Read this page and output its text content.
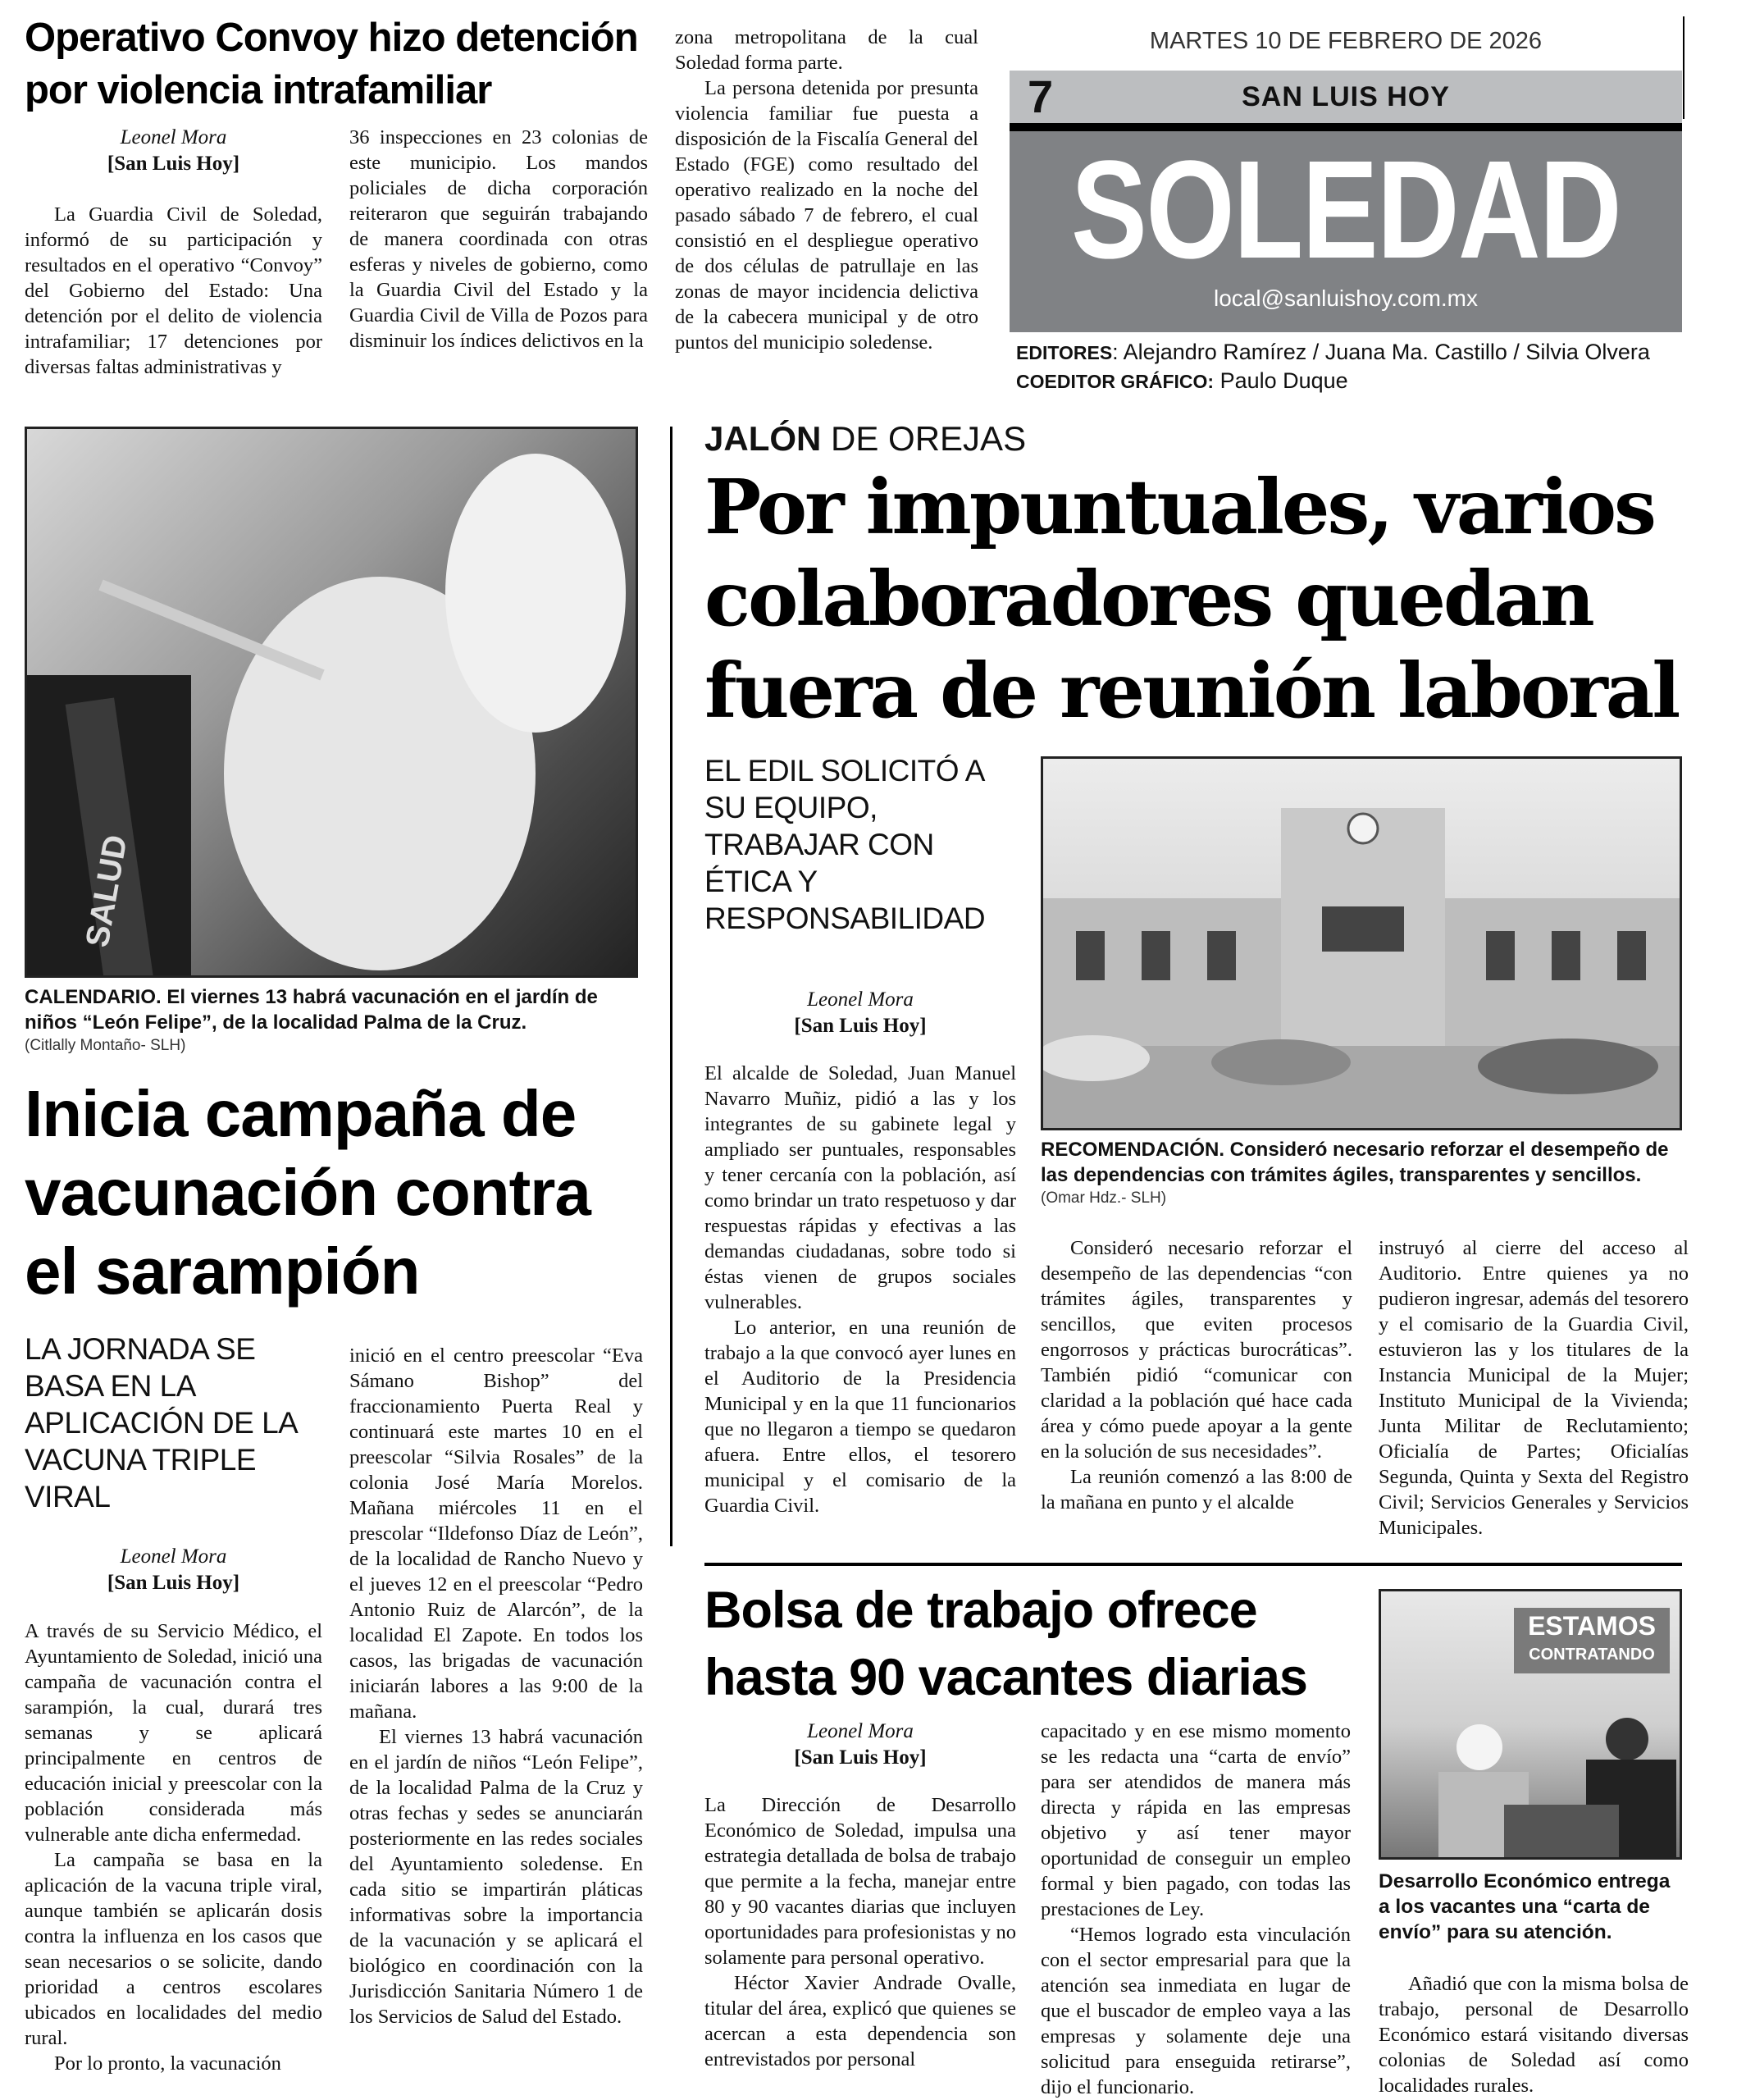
Operativo Convoy hizo detención por violencia intrafamiliar
Leonel Mora
[San Luis Hoy]

La Guardia Civil de Soledad, informó de su participación y resultados en el operativo “Convoy” del Gobierno del Estado: Una detención por el delito de violencia intrafamiliar; 17 detenciones por diversas faltas administrativas y

36 inspecciones en 23 colonias de este municipio. Los mandos policiales de dicha corporación reiteraron que seguirán trabajando de manera coordinada con otras esferas y niveles de gobierno, como la Guardia Civil del Estado y la Guardia Civil de Villa de Pozos para disminuir los índices delictivos en la

zona metropolitana de la cual Soledad forma parte.

La persona detenida por presunta violencia familiar fue puesta a disposición de la Fiscalía General del Estado (FGE) como resultado del operativo realizado en la noche del pasado sábado 7 de febrero, el cual consistió en el despliegue operativo de dos células de patrullaje en las zonas de mayor incidencia delictiva de la cabecera municipal y de otro puntos del municipio soledense.

MARTES 10 DE FEBRERO DE 2026
7	SAN LUIS HOY
SOLEDAD
local@sanluishoy.com.mx
EDITORES: Alejandro Ramírez / Juana Ma. Castillo / Silvia Olvera
COEDITOR GRÁFICO: Paulo Duque
SALUD
CALENDARIO. El viernes 13 habrá vacunación en el jardín de niños “León Felipe”, de la localidad Palma de la Cruz.
(Citlally Montaño- SLH)
Inicia campaña de vacunación contra el sarampión
LA JORNADA SE BASA EN LA APLICACIÓN DE LA VACUNA TRIPLE VIRAL
Leonel Mora
[San Luis Hoy]

A través de su Servicio Médico, el Ayuntamiento de Soledad, inició una campaña de vacunación contra el sarampión, la cual, durará tres semanas y se aplicará principalmente en centros de educación inicial y preescolar con la población considerada más vulnerable ante dicha enfermedad.

La campaña se basa en la aplicación de la vacuna triple viral, aunque también se aplicarán dosis contra la influenza en los casos que sean necesarios o se solicite, dando prioridad a centros escolares ubicados en localidades del medio rural.

Por lo pronto, la vacunación

inició en el centro preescolar “Eva Sámano Bishop” del fraccionamiento Puerta Real y continuará este martes 10 en el preescolar “Silvia Rosales” de la colonia José María Morelos. Mañana miércoles 11 en el prescolar “Ildefonso Díaz de León”, de la localidad de Rancho Nuevo y el jueves 12 en el preescolar “Pedro Antonio Ruiz de Alarcón”, de la localidad El Zapote. En todos los casos, las brigadas de vacunación iniciarán labores a las 9:00 de la mañana.

El viernes 13 habrá vacunación en el jardín de niños “León Felipe”, de la localidad Palma de la Cruz y otras fechas y sedes se anunciarán posteriormente en las redes sociales del Ayuntamiento soledense. En cada sitio se impartirán pláticas informativas sobre la importancia de la vacunación y se aplicará el biológico en coordinación con la Jurisdicción Sanitaria Número 1 de los Servicios de Salud del Estado.

JALÓN DE OREJAS
Por impuntuales, varios colaboradores quedan fuera de reunión laboral
EL EDIL SOLICITÓ A SU EQUIPO, TRABAJAR CON ÉTICA Y RESPONSABILIDAD
Leonel Mora
[San Luis Hoy]

El alcalde de Soledad, Juan Manuel Navarro Muñiz, pidió a las y los integrantes de su gabinete legal y ampliado ser puntuales, responsables y tener cercanía con la población, así como brindar un trato respetuoso y dar respuestas rápidas y efectivas a las demandas ciudadanas, sobre todo si éstas vienen de grupos sociales vulnerables.

Lo anterior, en una reunión de trabajo a la que convocó ayer lunes en el Auditorio de la Presidencia Municipal y en la que 11 funcionarios que no llegaron a tiempo se quedaron afuera. Entre ellos, el tesorero municipal y el comisario de la Guardia Civil.

RECOMENDACIÓN. Consideró necesario reforzar el desempeño de las dependencias con trámites ágiles, transparentes y sencillos.
(Omar Hdz.- SLH)

Consideró necesario reforzar el desempeño de las dependencias “con trámites ágiles, transparentes y sencillos, que eviten procesos engorrosos y prácticas burocráticas”. También pidió “comunicar con claridad a la población qué hace cada área y cómo puede apoyar a la gente en la solución de sus necesidades”.

La reunión comenzó a las 8:00 de la mañana en punto y el alcalde

instruyó al cierre del acceso al Auditorio. Entre quienes ya no pudieron ingresar, además del tesorero y el comisario de la Guardia Civil, estuvieron las y los titulares de la Instancia Municipal de la Mujer; Instituto Municipal de la Vivienda; Junta Militar de Reclutamiento; Oficialía de Partes; Oficialías Segunda, Quinta y Sexta del Registro Civil; Servicios Generales y Servicios Municipales.

Bolsa de trabajo ofrece hasta 90 vacantes diarias
Leonel Mora
[San Luis Hoy]

La Dirección de Desarrollo Económico de Soledad, impulsa una estrategia detallada de bolsa de trabajo que permite a la fecha, manejar entre 80 y 90 vacantes diarias que incluyen oportunidades para profesionistas y no solamente para personal operativo.

Héctor Xavier Andrade Ovalle, titular del área, explicó que quienes se acercan a esta dependencia son entrevistados por personal

capacitado y en ese mismo momento se les redacta una “carta de envío” para ser atendidos de manera más directa y rápida en las empresas objetivo y así tener mayor oportunidad de conseguir un empleo formal y bien pagado, con todas las prestaciones de Ley.

“Hemos logrado esta vinculación con el sector empresarial para que la atención sea inmediata en lugar de que el buscador de empleo vaya a las empresas y solamente deje una solicitud para enseguida retirarse”, dijo el funcionario.

ESTAMOS
CONTRATANDO
Desarrollo Económico entrega a los vacantes una “carta de envío” para su atención.

Añadió que con la misma bolsa de trabajo, personal de Desarrollo Económico estará visitando diversas colonias de Soledad así como localidades rurales.
